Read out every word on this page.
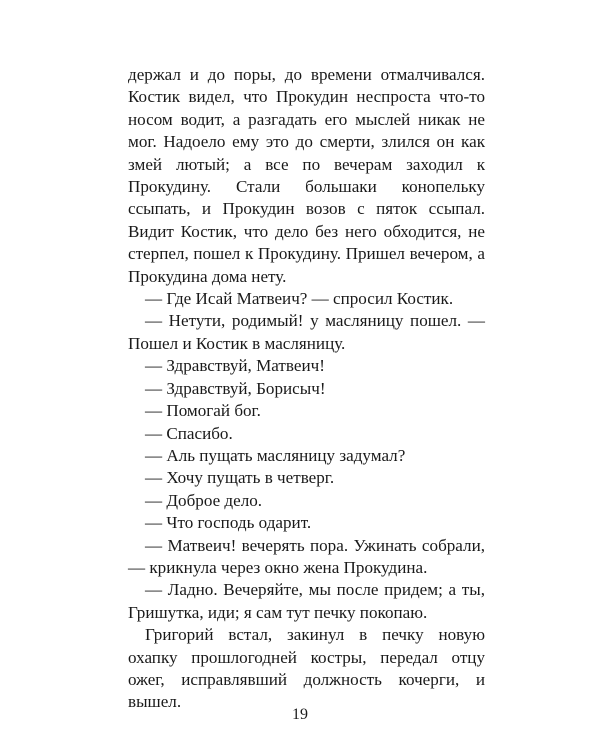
держал и до поры, до времени отмалчивался. Костик видел, что Прокудин неспроста что-то носом водит, а разгадать его мыслей никак не мог. Надоело ему это до смерти, злился он как змей лютый; а все по вечерам заходил к Прокудину. Стали большаки конопельку ссыпать, и Прокудин возов с пяток ссыпал. Видит Костик, что дело без него обходится, не стерпел, пошел к Прокудину. Пришел вечером, а Прокудина дома нету.

— Где Исай Матвеич? — спросил Костик.

— Нетути, родимый! у масляницу пошел. — Пошел и Костик в масляницу.

— Здравствуй, Матвеич!

— Здравствуй, Борисыч!

— Помогай бог.

— Спасибо.

— Аль пущать масляницу задумал?

— Хочу пущать в четверг.

— Доброе дело.

— Что господь одарит.

— Матвеич! вечерять пора. Ужинать собрали, — крикнула через окно жена Прокудина.

— Ладно. Вечеряйте, мы после придем; а ты, Гришутка, иди; я сам тут печку покопаю.

Григорий встал, закинул в печку новую охапку прошлогодней костры, передал отцу ожег, исправлявший должность кочерги, и вышел.

19
